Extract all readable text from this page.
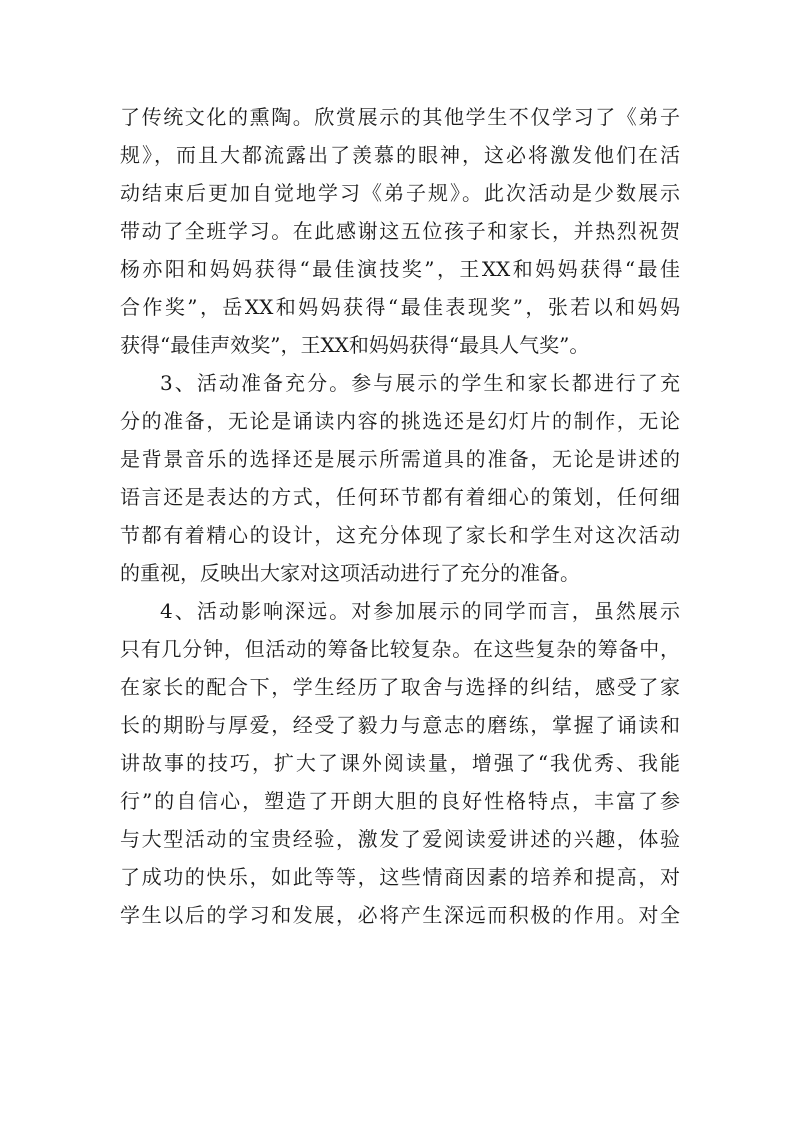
了传统文化的熏陶。欣赏展示的其他学生不仅学习了《弟子
规》，而且大都流露出了羡慕的眼神，这必将激发他们在活
动结束后更加自觉地学习《弟子规》。此次活动是少数展示
带动了全班学习。在此感谢这五位孩子和家长，并热烈祝贺
杨亦阳和妈妈获得“最佳演技奖”，王XX和妈妈获得“最佳
合作奖”，岳XX和妈妈获得“最佳表现奖”，张若以和妈妈
获得“最佳声效奖”，王XX和妈妈获得“最具人气奖”。
3、活动准备充分。参与展示的学生和家长都进行了充
分的准备，无论是诵读内容的挑选还是幻灯片的制作，无论
是背景音乐的选择还是展示所需道具的准备，无论是讲述的
语言还是表达的方式，任何环节都有着细心的策划，任何细
节都有着精心的设计，这充分体现了家长和学生对这次活动
的重视，反映出大家对这项活动进行了充分的准备。
4、活动影响深远。对参加展示的同学而言，虽然展示
只有几分钟，但活动的筹备比较复杂。在这些复杂的筹备中，
在家长的配合下，学生经历了取舍与选择的纠结，感受了家
长的期盼与厚爱，经受了毅力与意志的磨练，掌握了诵读和
讲故事的技巧，扩大了课外阅读量，增强了“我优秀、我能
行”的自信心，塑造了开朗大胆的良好性格特点，丰富了参
与大型活动的宝贵经验，激发了爱阅读爱讲述的兴趣，体验
了成功的快乐，如此等等，这些情商因素的培养和提高，对
学生以后的学习和发展，必将产生深远而积极的作用。对全
